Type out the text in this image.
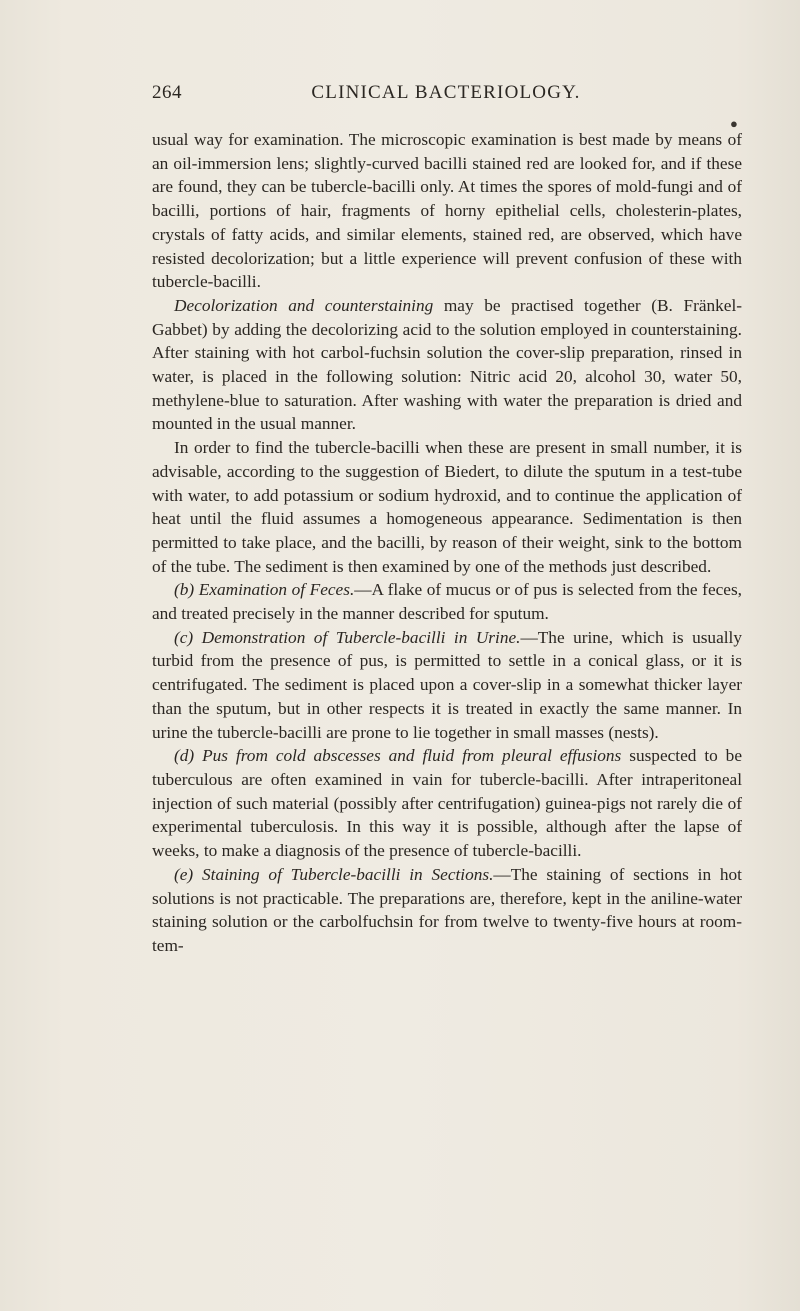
264	CLINICAL BACTERIOLOGY.
●

usual way for examination. The microscopic examination is best made by means of an oil-immersion lens; slightly-curved bacilli stained red are looked for, and if these are found, they can be tubercle-bacilli only. At times the spores of mold-fungi and of bacilli, portions of hair, fragments of horny epithelial cells, cholesterin-plates, crystals of fatty acids, and similar elements, stained red, are observed, which have resisted decolorization; but a little experience will prevent confusion of these with tubercle-bacilli.

Decolorization and counterstaining may be practised together (B. Fränkel-Gabbet) by adding the decolorizing acid to the solution employed in counterstaining. After staining with hot carbol-fuchsin solution the cover-slip preparation, rinsed in water, is placed in the following solution: Nitric acid 20, alcohol 30, water 50, methylene-blue to saturation. After washing with water the preparation is dried and mounted in the usual manner.

In order to find the tubercle-bacilli when these are present in small number, it is advisable, according to the suggestion of Biedert, to dilute the sputum in a test-tube with water, to add potassium or sodium hydroxid, and to continue the application of heat until the fluid assumes a homogeneous appearance. Sedimentation is then permitted to take place, and the bacilli, by reason of their weight, sink to the bottom of the tube. The sediment is then examined by one of the methods just described.

(b) Examination of Feces.—A flake of mucus or of pus is selected from the feces, and treated precisely in the manner described for sputum.

(c) Demonstration of Tubercle-bacilli in Urine.—The urine, which is usually turbid from the presence of pus, is permitted to settle in a conical glass, or it is centrifugated. The sediment is placed upon a cover-slip in a somewhat thicker layer than the sputum, but in other respects it is treated in exactly the same manner. In urine the tubercle-bacilli are prone to lie together in small masses (nests).

(d) Pus from cold abscesses and fluid from pleural effusions suspected to be tuberculous are often examined in vain for tubercle-bacilli. After intraperitoneal injection of such material (possibly after centrifugation) guinea-pigs not rarely die of experimental tuberculosis. In this way it is possible, although after the lapse of weeks, to make a diagnosis of the presence of tubercle-bacilli.

(e) Staining of Tubercle-bacilli in Sections.—The staining of sections in hot solutions is not practicable. The preparations are, therefore, kept in the aniline-water staining solution or the carbolfuchsin for from twelve to twenty-five hours at room-tem-
